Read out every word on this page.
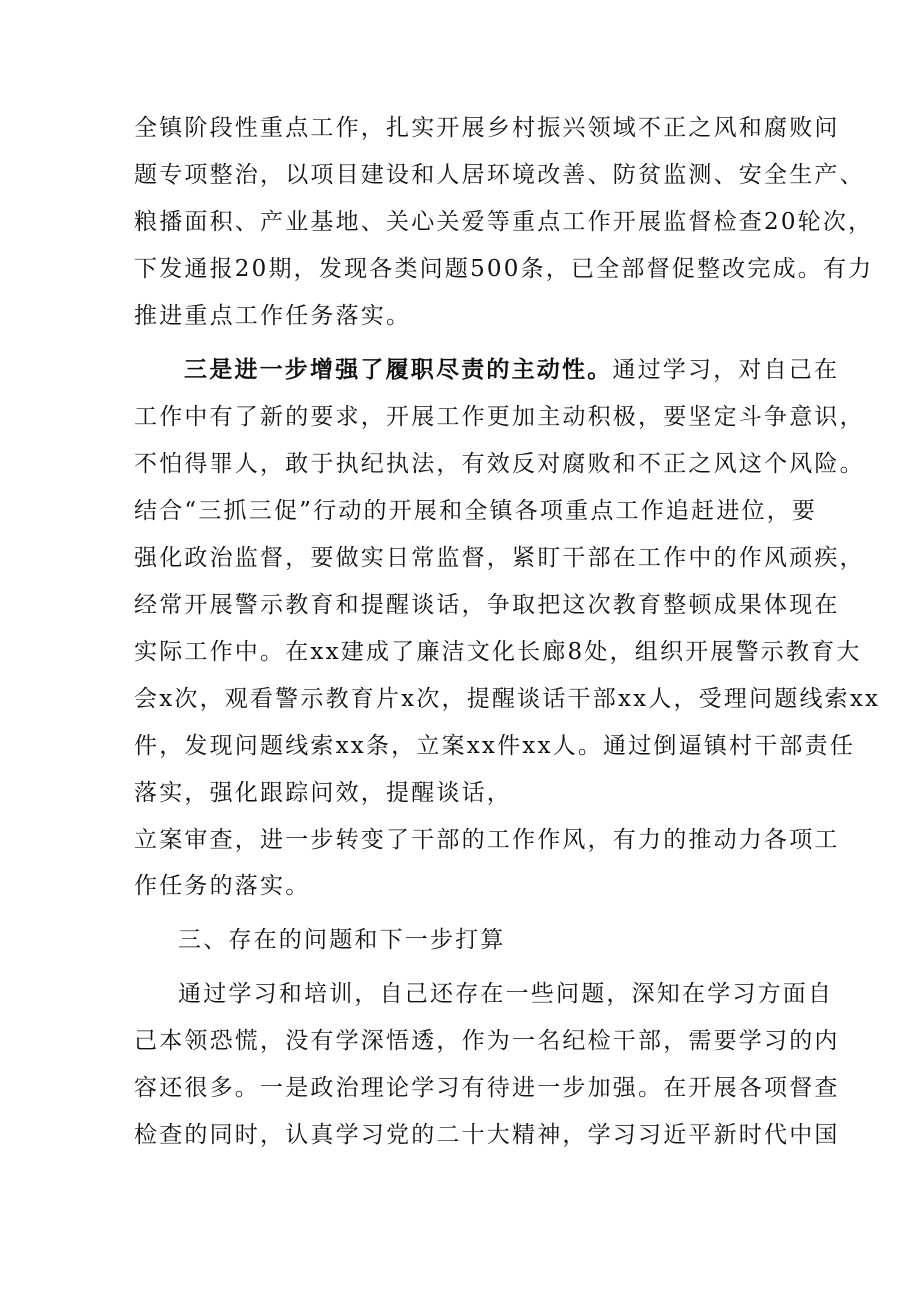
全镇阶段性重点工作，扎实开展乡村振兴领域不正之风和腐败问
题专项整治，以项目建设和人居环境改善、防贫监测、安全生产、
粮播面积、产业基地、关心关爱等重点工作开展监督检查20轮次，
下发通报20期，发现各类问题500条，已全部督促整改完成。有力
推进重点工作任务落实。
三是进一步增强了履职尽责的主动性。通过学习，对自己在
工作中有了新的要求，开展工作更加主动积极，要坚定斗争意识，
不怕得罪人，敢于执纪执法，有效反对腐败和不正之风这个风险。
结合“三抓三促”行动的开展和全镇各项重点工作追赶进位，要
强化政治监督，要做实日常监督，紧盯干部在工作中的作风顽疾，
经常开展警示教育和提醒谈话，争取把这次教育整顿成果体现在
实际工作中。在xx建成了廉洁文化长廊8处，组织开展警示教育大
会x次，观看警示教育片x次，提醒谈话干部xx人，受理问题线索xx
件，发现问题线索xx条，立案xx件xx人。通过倒逼镇村干部责任
落实，强化跟踪问效，提醒谈话，
立案审查，进一步转变了干部的工作作风，有力的推动力各项工
作任务的落实。
三、存在的问题和下一步打算
通过学习和培训，自己还存在一些问题，深知在学习方面自
己本领恐慌，没有学深悟透，作为一名纪检干部，需要学习的内
容还很多。一是政治理论学习有待进一步加强。在开展各项督查
检查的同时，认真学习党的二十大精神，学习习近平新时代中国
